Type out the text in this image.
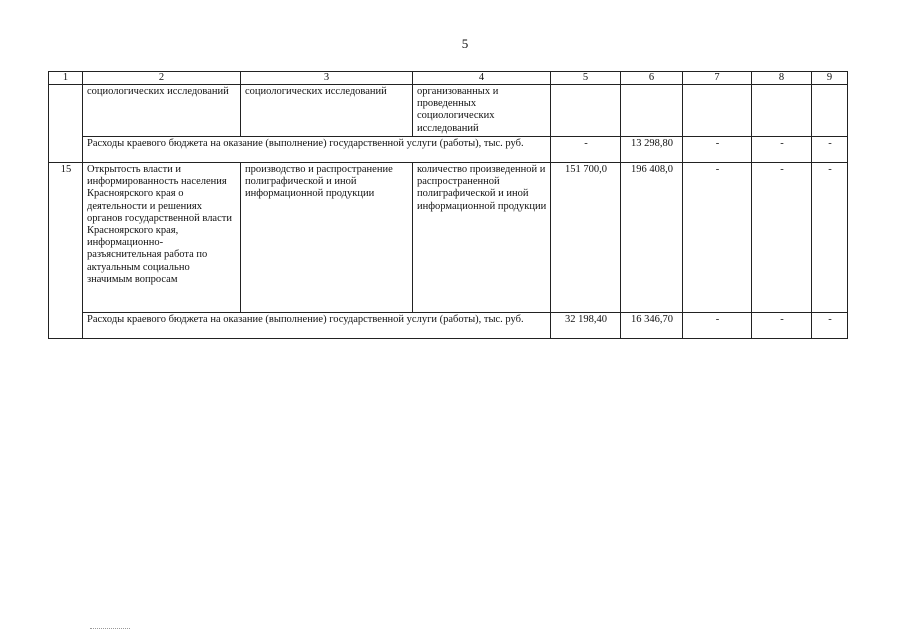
5
1	2	3	4	5	6	7	8	9
	социологических исследований	социологических исследований	организованных и проведенных социологических исследований					
	Расходы краевого бюджета на оказание (выполнение) государственной услуги (работы), тыс. руб.			-	13 298,80	-	-	-
15	Открытость власти и информированность населения Красноярского края о деятельности и решениях органов государственной власти Красноярского края, информационно-разъяснительная работа по актуальным социально значимым вопросам	производство и распространение полиграфической и иной информационной продукции	количество произведенной и распространенной полиграфической и иной информационной продукции	151 700,0	196 408,0	-	-	-
	Расходы краевого бюджета на оказание (выполнение) государственной услуги (работы), тыс. руб.			32 198,40	16 346,70	-	-	-
